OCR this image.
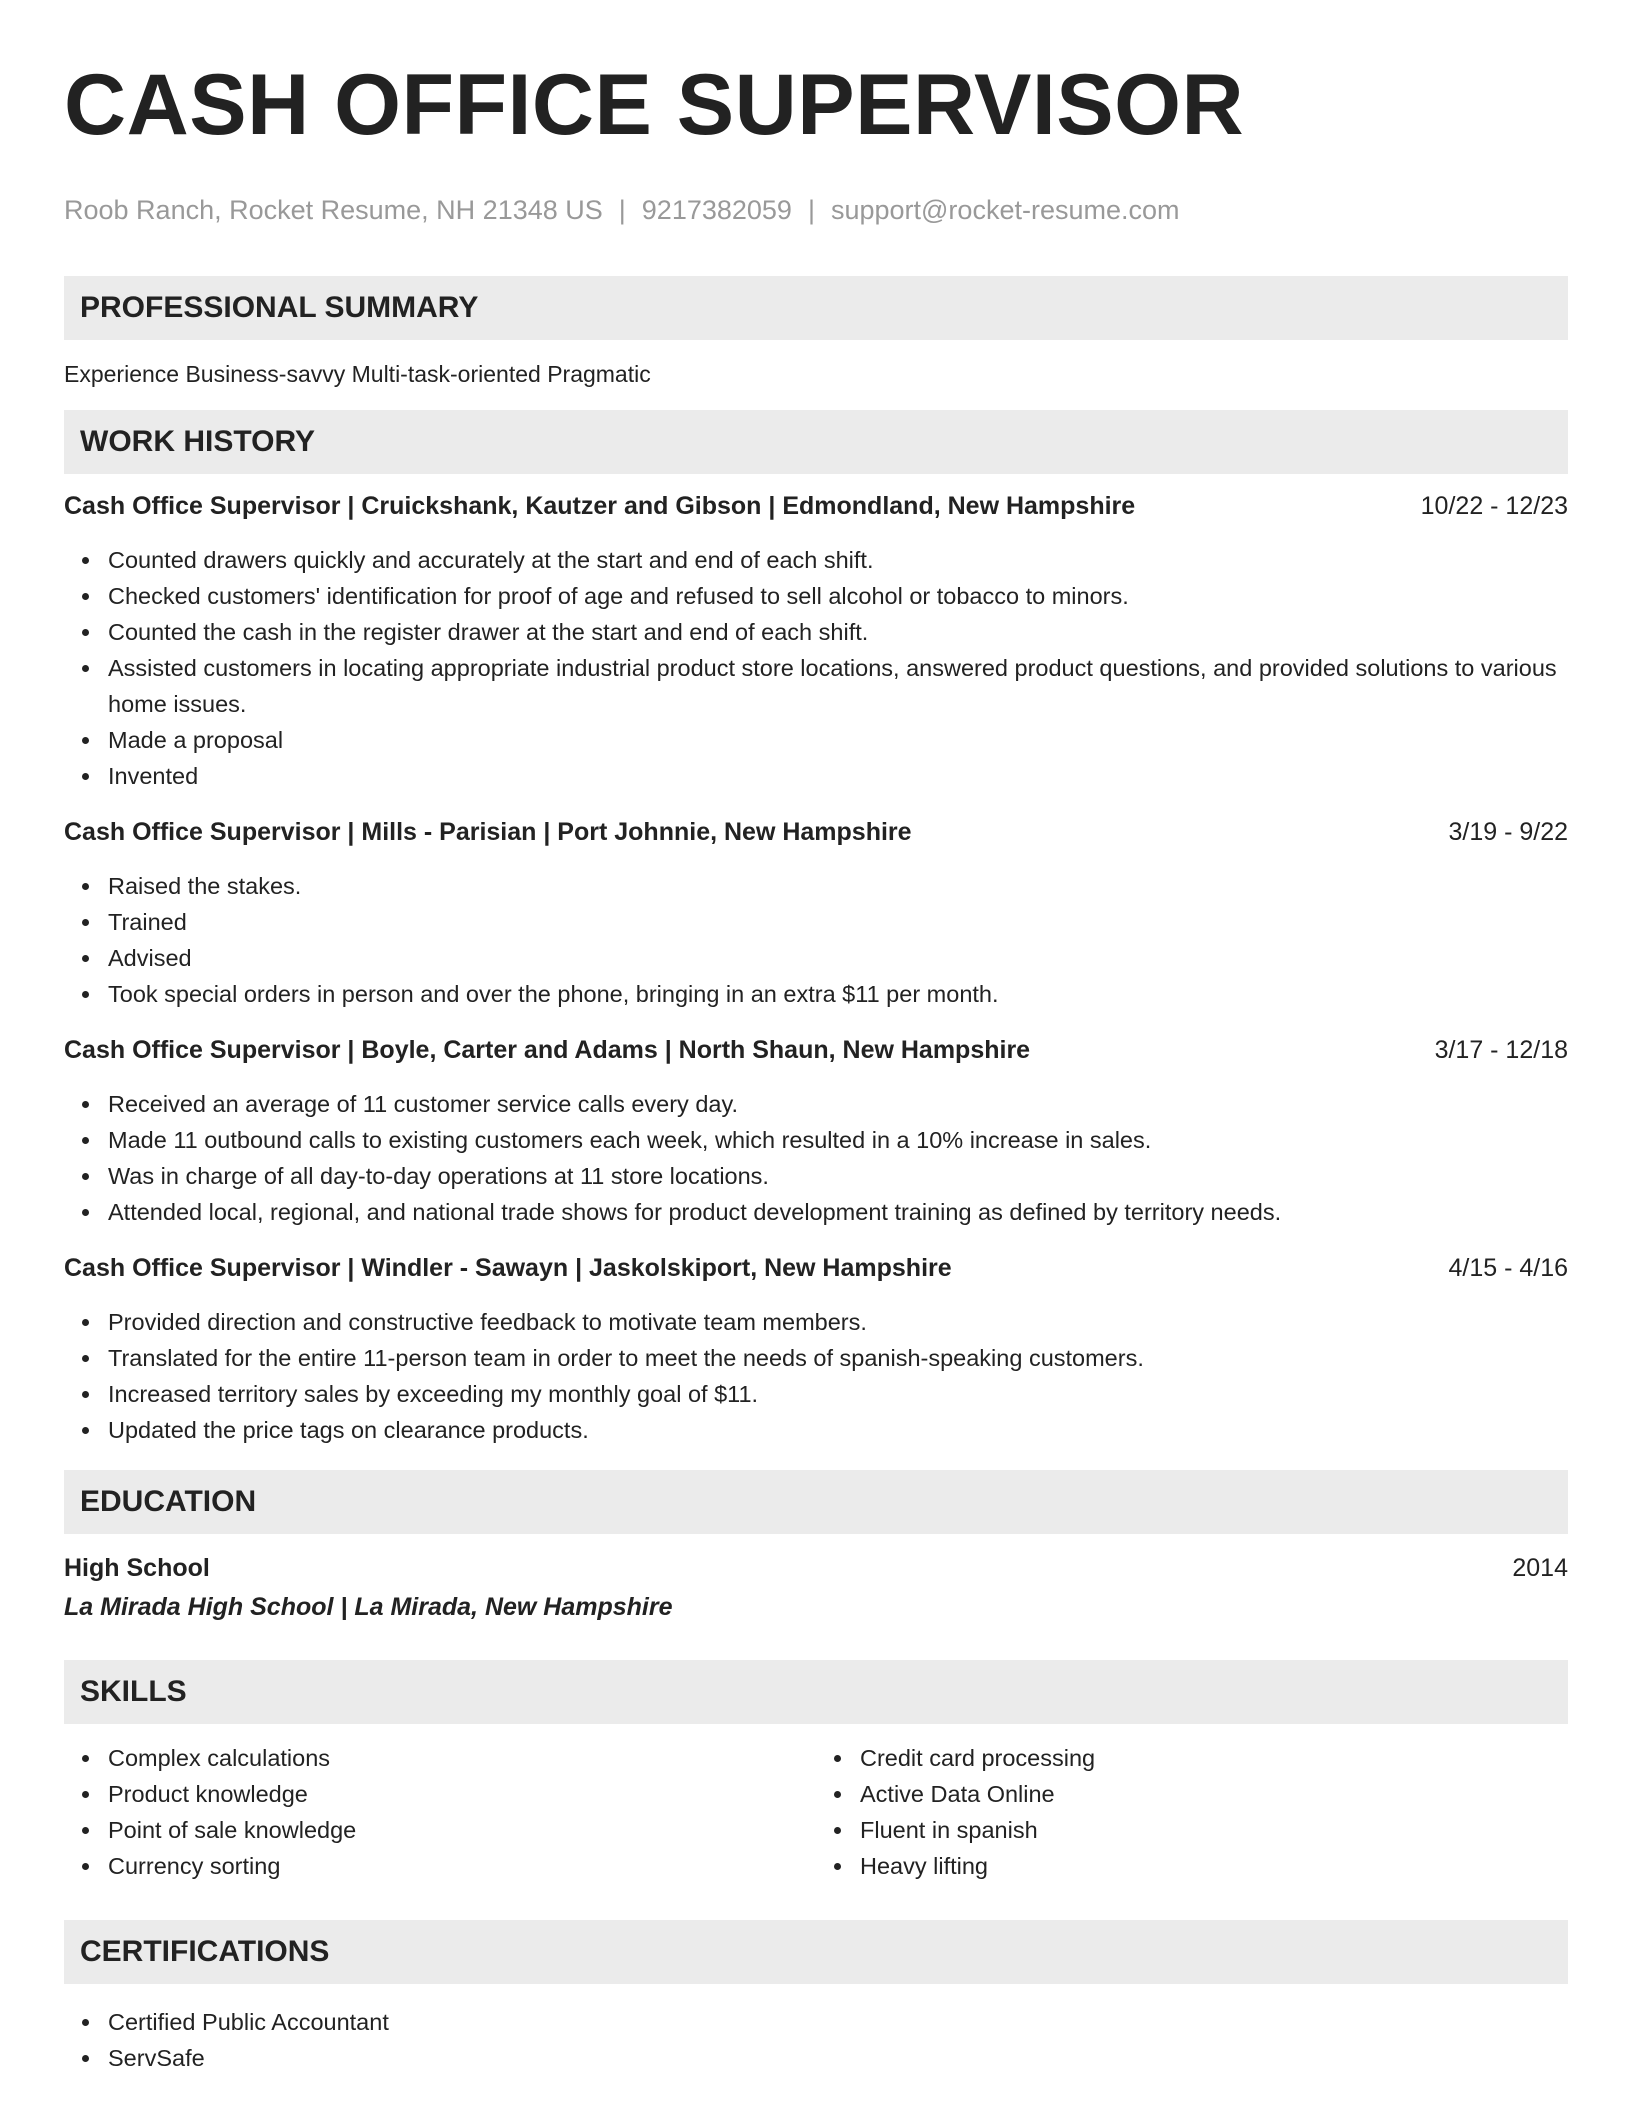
CASH OFFICE SUPERVISOR
Roob Ranch, Rocket Resume, NH 21348 US | 9217382059 | support@rocket-resume.com
PROFESSIONAL SUMMARY

Experience Business-savvy Multi-task-oriented Pragmatic

WORK HISTORY
Cash Office Supervisor | Cruickshank, Kautzer and Gibson | Edmondland, New Hampshire	10/22 - 12/23
Counted drawers quickly and accurately at the start and end of each shift.
Checked customers' identification for proof of age and refused to sell alcohol or tobacco to minors.
Counted the cash in the register drawer at the start and end of each shift.
Assisted customers in locating appropriate industrial product store locations, answered product questions, and provided solutions to various home issues.
Made a proposal
Invented
Cash Office Supervisor | Mills - Parisian | Port Johnnie, New Hampshire	3/19 - 9/22
Raised the stakes.
Trained
Advised
Took special orders in person and over the phone, bringing in an extra $11 per month.
Cash Office Supervisor | Boyle, Carter and Adams | North Shaun, New Hampshire	3/17 - 12/18
Received an average of 11 customer service calls every day.
Made 11 outbound calls to existing customers each week, which resulted in a 10% increase in sales.
Was in charge of all day-to-day operations at 11 store locations.
Attended local, regional, and national trade shows for product development training as defined by territory needs.
Cash Office Supervisor | Windler - Sawayn | Jaskolskiport, New Hampshire	4/15 - 4/16
Provided direction and constructive feedback to motivate team members.
Translated for the entire 11-person team in order to meet the needs of spanish-speaking customers.
Increased territory sales by exceeding my monthly goal of $11.
Updated the price tags on clearance products.
EDUCATION
High School	2014
La Mirada High School | La Mirada, New Hampshire
SKILLS
Complex calculations
Product knowledge
Point of sale knowledge
Currency sorting
Credit card processing
Active Data Online
Fluent in spanish
Heavy lifting
CERTIFICATIONS
Certified Public Accountant
ServSafe
